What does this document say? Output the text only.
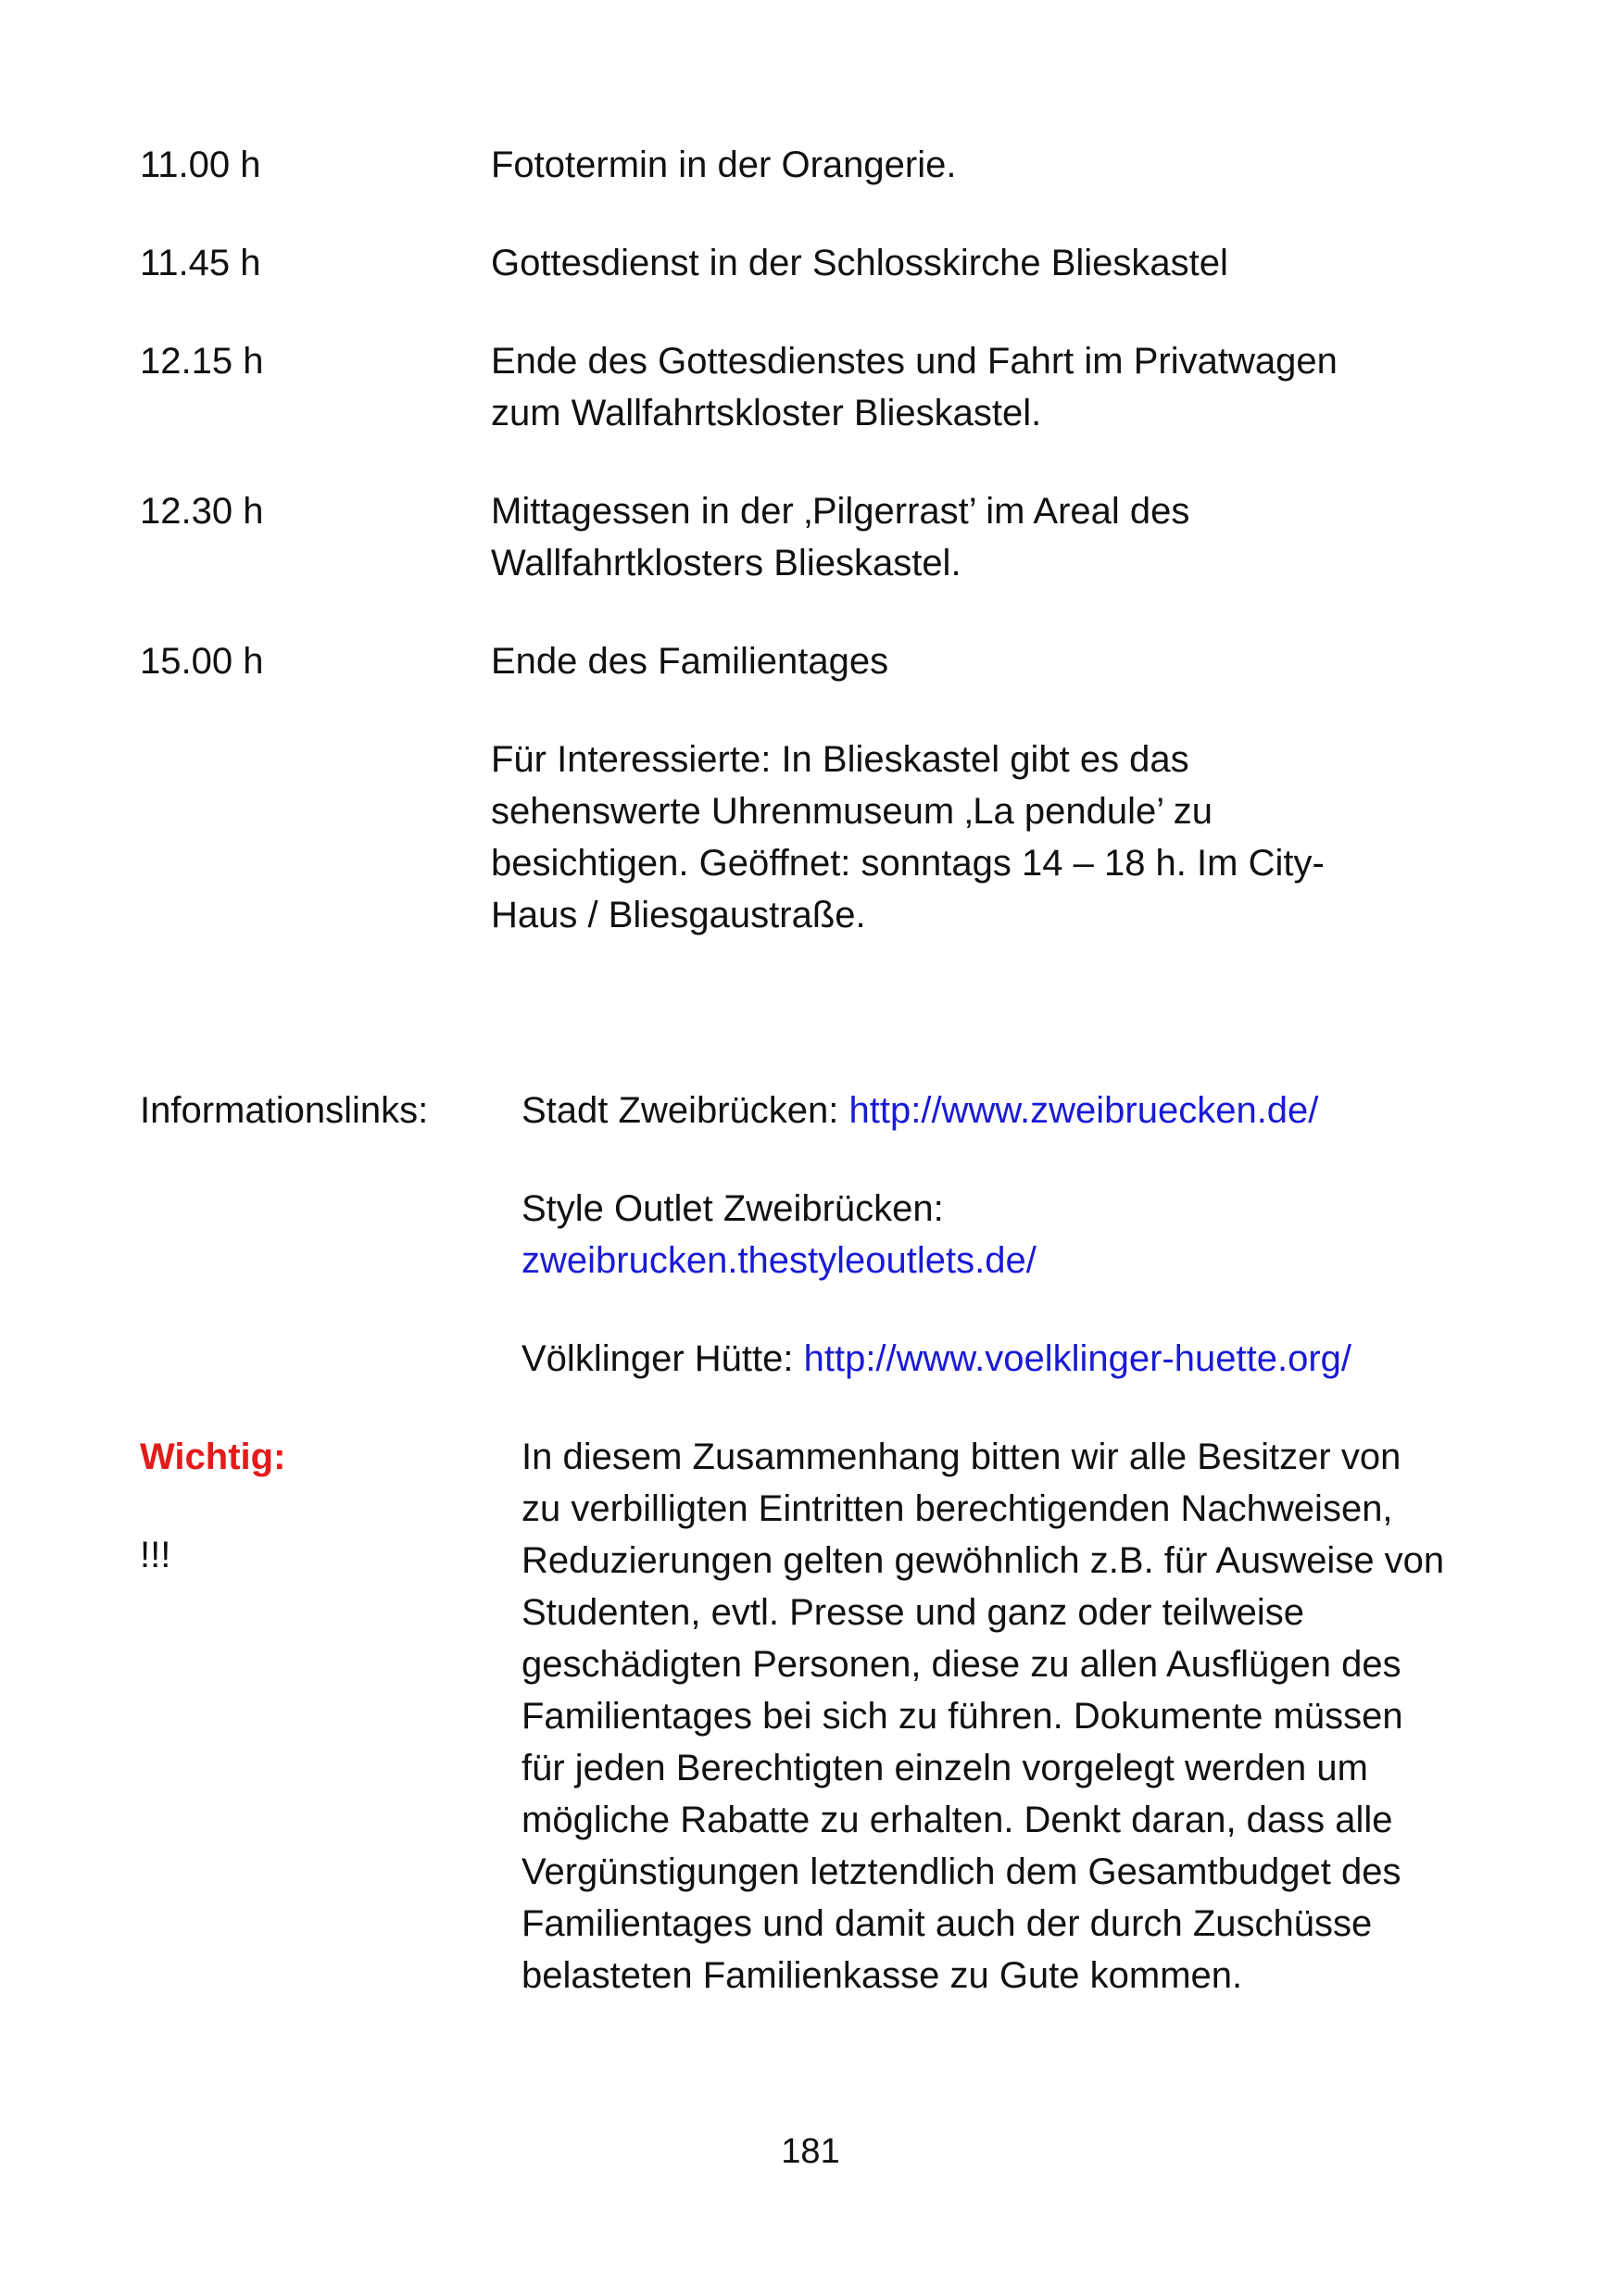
11.00 h	Fototermin in der Orangerie.

11.45 h	Gottesdienst in der Schlosskirche Blieskastel

12.15 h	Ende des Gottesdienstes und Fahrt im Privatwagen

zum Wallfahrtskloster Blieskastel.

12.30 h	Mittagessen in der ‚Pilgerrast’ im Areal des

Wallfahrtklosters Blieskastel.

15.00 h	Ende des Familientages

Für Interessierte: In Blieskastel gibt es das

sehenswerte Uhrenmuseum ‚La pendule’ zu

besichtigen. Geöffnet: sonntags 14 – 18 h. Im City-

Haus / Bliesgaustraße.

Informationslinks:	Stadt Zweibrücken: http://www.zweibruecken.de/

Style Outlet Zweibrücken:

zweibrucken.thestyleoutlets.de/

Völklinger Hütte: http://www.voelklinger-huette.org/

Wichtig:
!!!

In diesem Zusammenhang bitten wir alle Besitzer von

zu verbilligten Eintritten berechtigenden Nachweisen,

Reduzierungen gelten gewöhnlich z.B. für Ausweise von

Studenten, evtl. Presse und ganz oder teilweise

geschädigten Personen, diese zu allen Ausflügen des

Familientages bei sich zu führen. Dokumente müssen

für jeden Berechtigten einzeln vorgelegt werden um

mögliche Rabatte zu erhalten. Denkt daran, dass alle

Vergünstigungen letztendlich dem Gesamtbudget des

Familientages und damit auch der durch Zuschüsse

belasteten Familienkasse zu Gute kommen.

181
